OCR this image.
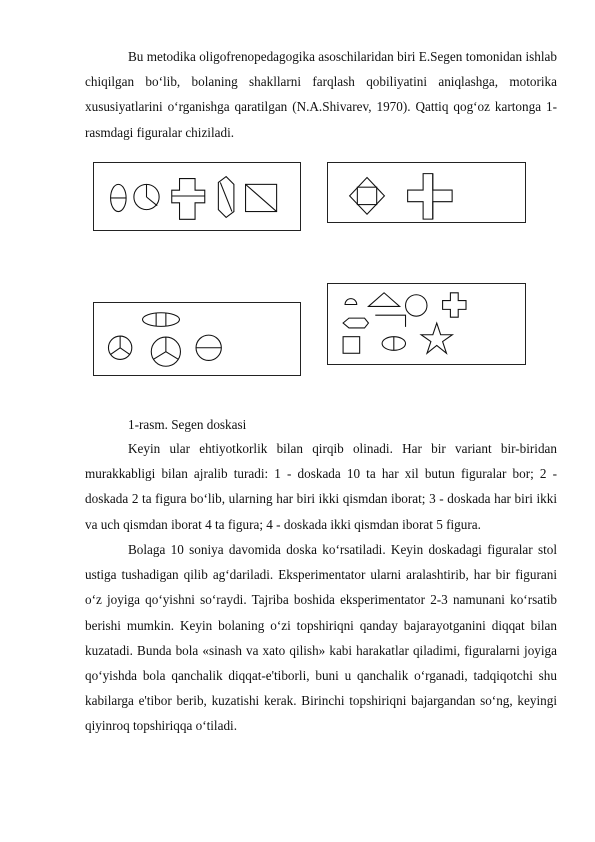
Bu metodika oligofrenopedagogika asoschilaridan biri E.Segen tomonidan ishlab chiqilgan bo‘lib, bolaning shakllarni farqlash qobiliyatini aniqlashga, motorika xususiyatlarini o‘rganishga qaratilgan (N.A.Shivarev, 1970). Qattiq qog‘oz kartonga 1-rasmdagi figuralar chiziladi.

1-rasm. Segen doskasi

Keyin ular ehtiyotkorlik bilan qirqib olinadi. Har bir variant bir-biridan murakkabligi bilan ajralib turadi: 1 - doskada 10 ta har xil butun figuralar bor; 2 - doskada 2 ta figura bo‘lib, ularning har biri ikki qismdan iborat; 3 - doskada har biri ikki va uch qismdan iborat 4 ta figura; 4 - doskada ikki qismdan iborat 5 figura.

Bolaga 10 soniya davomida doska ko‘rsatiladi. Keyin doskadagi figuralar stol ustiga tushadigan qilib ag‘dariladi. Eksperimentator ularni aralashtirib, har bir figurani o‘z joyiga qo‘yishni so‘raydi. Tajriba boshida eksperimentator 2-3 namunani ko‘rsatib berishi mumkin. Keyin bolaning o‘zi topshiriqni qanday bajarayotganini diqqat bilan kuzatadi. Bunda bola «sinash va xato qilish» kabi harakatlar qiladimi, figuralarni joyiga qo‘yishda bola qanchalik diqqat-e'tiborli, buni u qanchalik o‘rganadi, tadqiqotchi shu kabilarga e'tibor berib, kuzatishi kerak. Birinchi topshiriqni bajargandan so‘ng, keyingi qiyinroq topshiriqqa o‘tiladi.
